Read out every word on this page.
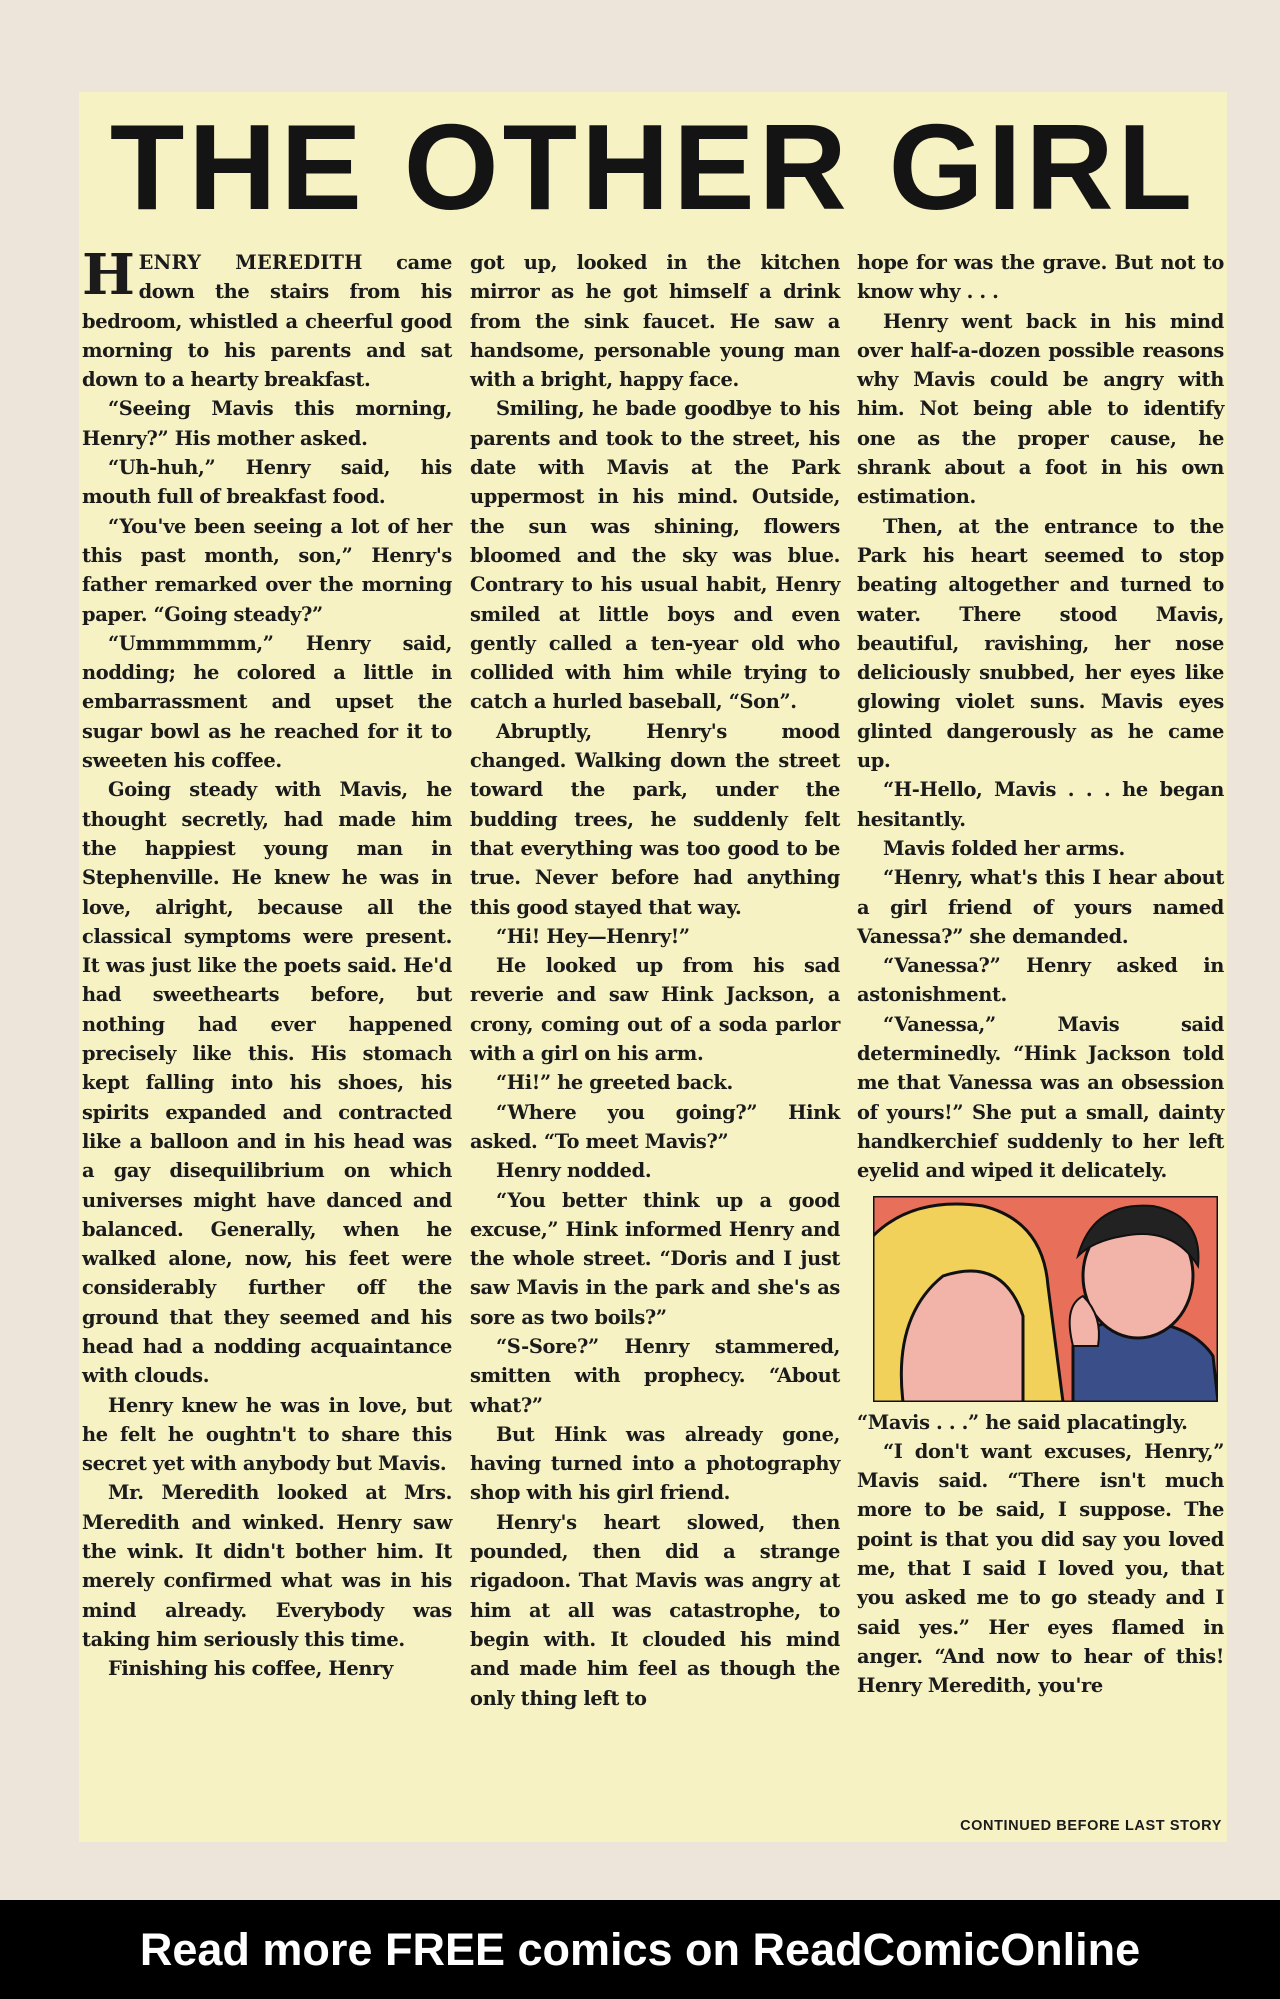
THE OTHER GIRL

HENRY MEREDITH came down the stairs from his bedroom, whistled a cheerful good morning to his parents and sat down to a hearty breakfast.

“Seeing Mavis this morning, Henry?” His mother asked.

“Uh-huh,” Henry said, his mouth full of breakfast food.

“You've been seeing a lot of her this past month, son,” Henry's father remarked over the morning paper. “Going steady?”

“Ummmmmm,” Henry said, nodding; he colored a little in embarrassment and upset the sugar bowl as he reached for it to sweeten his coffee.

Going steady with Mavis, he thought secretly, had made him the happiest young man in Stephenville. He knew he was in love, alright, because all the classical symptoms were present. It was just like the poets said. He'd had sweethearts before, but nothing had ever happened precisely like this. His stomach kept falling into his shoes, his spirits expanded and contracted like a balloon and in his head was a gay disequilibrium on which universes might have danced and balanced. Generally, when he walked alone, now, his feet were considerably further off the ground that they seemed and his head had a nodding acquaintance with clouds.

Henry knew he was in love, but he felt he oughtn't to share this secret yet with anybody but Mavis.

Mr. Meredith looked at Mrs. Meredith and winked. Henry saw the wink. It didn't bother him. It merely confirmed what was in his mind already. Everybody was taking him seriously this time.

Finishing his coffee, Henry

got up, looked in the kitchen mirror as he got himself a drink from the sink faucet. He saw a handsome, personable young man with a bright, happy face.

Smiling, he bade goodbye to his parents and took to the street, his date with Mavis at the Park uppermost in his mind. Outside, the sun was shining, flowers bloomed and the sky was blue. Contrary to his usual habit, Henry smiled at little boys and even gently called a ten-year old who collided with him while trying to catch a hurled baseball, “Son”.

Abruptly, Henry's mood changed. Walking down the street toward the park, under the budding trees, he suddenly felt that everything was too good to be true. Never before had anything this good stayed that way.

“Hi! Hey—Henry!”

He looked up from his sad reverie and saw Hink Jackson, a crony, coming out of a soda parlor with a girl on his arm.

“Hi!” he greeted back.

“Where you going?” Hink asked. “To meet Mavis?”

Henry nodded.

“You better think up a good excuse,” Hink informed Henry and the whole street. “Doris and I just saw Mavis in the park and she's as sore as two boils?”

“S-Sore?” Henry stammered, smitten with prophecy. “About what?”

But Hink was already gone, having turned into a photography shop with his girl friend.

Henry's heart slowed, then pounded, then did a strange rigadoon. That Mavis was angry at him at all was catastrophe, to begin with. It clouded his mind and made him feel as though the only thing left to

hope for was the grave. But not to know why . . .

Henry went back in his mind over half-a-dozen possible reasons why Mavis could be angry with him. Not being able to identify one as the proper cause, he shrank about a foot in his own estimation.

Then, at the entrance to the Park his heart seemed to stop beating altogether and turned to water. There stood Mavis, beautiful, ravishing, her nose deliciously snubbed, her eyes like glowing violet suns. Mavis eyes glinted dangerously as he came up.

“H-Hello, Mavis . . . he began hesitantly.

Mavis folded her arms.

“Henry, what's this I hear about a girl friend of yours named Vanessa?” she demanded.

“Vanessa?” Henry asked in astonishment.

“Vanessa,” Mavis said determinedly. “Hink Jackson told me that Vanessa was an obsession of yours!” She put a small, dainty handkerchief suddenly to her left eyelid and wiped it delicately.

“Mavis . . .” he said placatingly.

“I don't want excuses, Henry,” Mavis said. “There isn't much more to be said, I suppose. The point is that you did say you loved me, that I said I loved you, that you asked me to go steady and I said yes.” Her eyes flamed in anger. “And now to hear of this! Henry Meredith, you're

CONTINUED BEFORE LAST STORY
Read more FREE comics on ReadComicOnline
